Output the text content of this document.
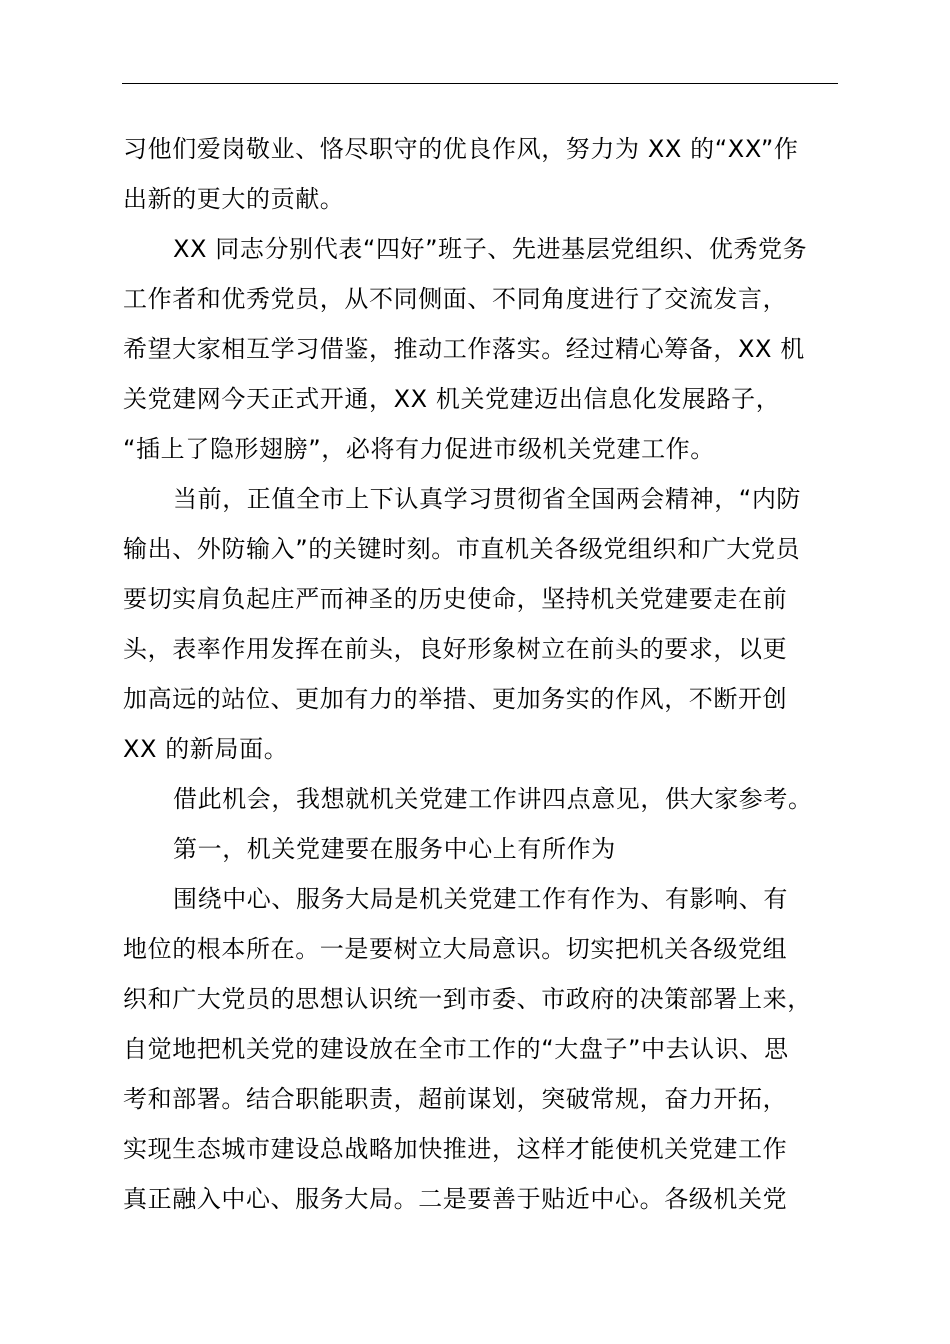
习他们爱岗敬业、恪尽职守的优良作风，努力为 XX 的“XX”作
出新的更大的贡献。
XX 同志分别代表“四好”班子、先进基层党组织、优秀党务
工作者和优秀党员，从不同侧面、不同角度进行了交流发言，
希望大家相互学习借鉴，推动工作落实。经过精心筹备，XX 机
关党建网今天正式开通，XX 机关党建迈出信息化发展路子，
“插上了隐形翅膀”，必将有力促进市级机关党建工作。
当前，正值全市上下认真学习贯彻省全国两会精神，“内防
输出、外防输入”的关键时刻。市直机关各级党组织和广大党员
要切实肩负起庄严而神圣的历史使命，坚持机关党建要走在前
头，表率作用发挥在前头，良好形象树立在前头的要求，以更
加高远的站位、更加有力的举措、更加务实的作风，不断开创
XX 的新局面。
借此机会，我想就机关党建工作讲四点意见，供大家参考。
第一，机关党建要在服务中心上有所作为
围绕中心、服务大局是机关党建工作有作为、有影响、有
地位的根本所在。一是要树立大局意识。切实把机关各级党组
织和广大党员的思想认识统一到市委、市政府的决策部署上来，
自觉地把机关党的建设放在全市工作的“大盘子”中去认识、思
考和部署。结合职能职责，超前谋划，突破常规，奋力开拓，
实现生态城市建设总战略加快推进，这样才能使机关党建工作
真正融入中心、服务大局。二是要善于贴近中心。各级机关党
